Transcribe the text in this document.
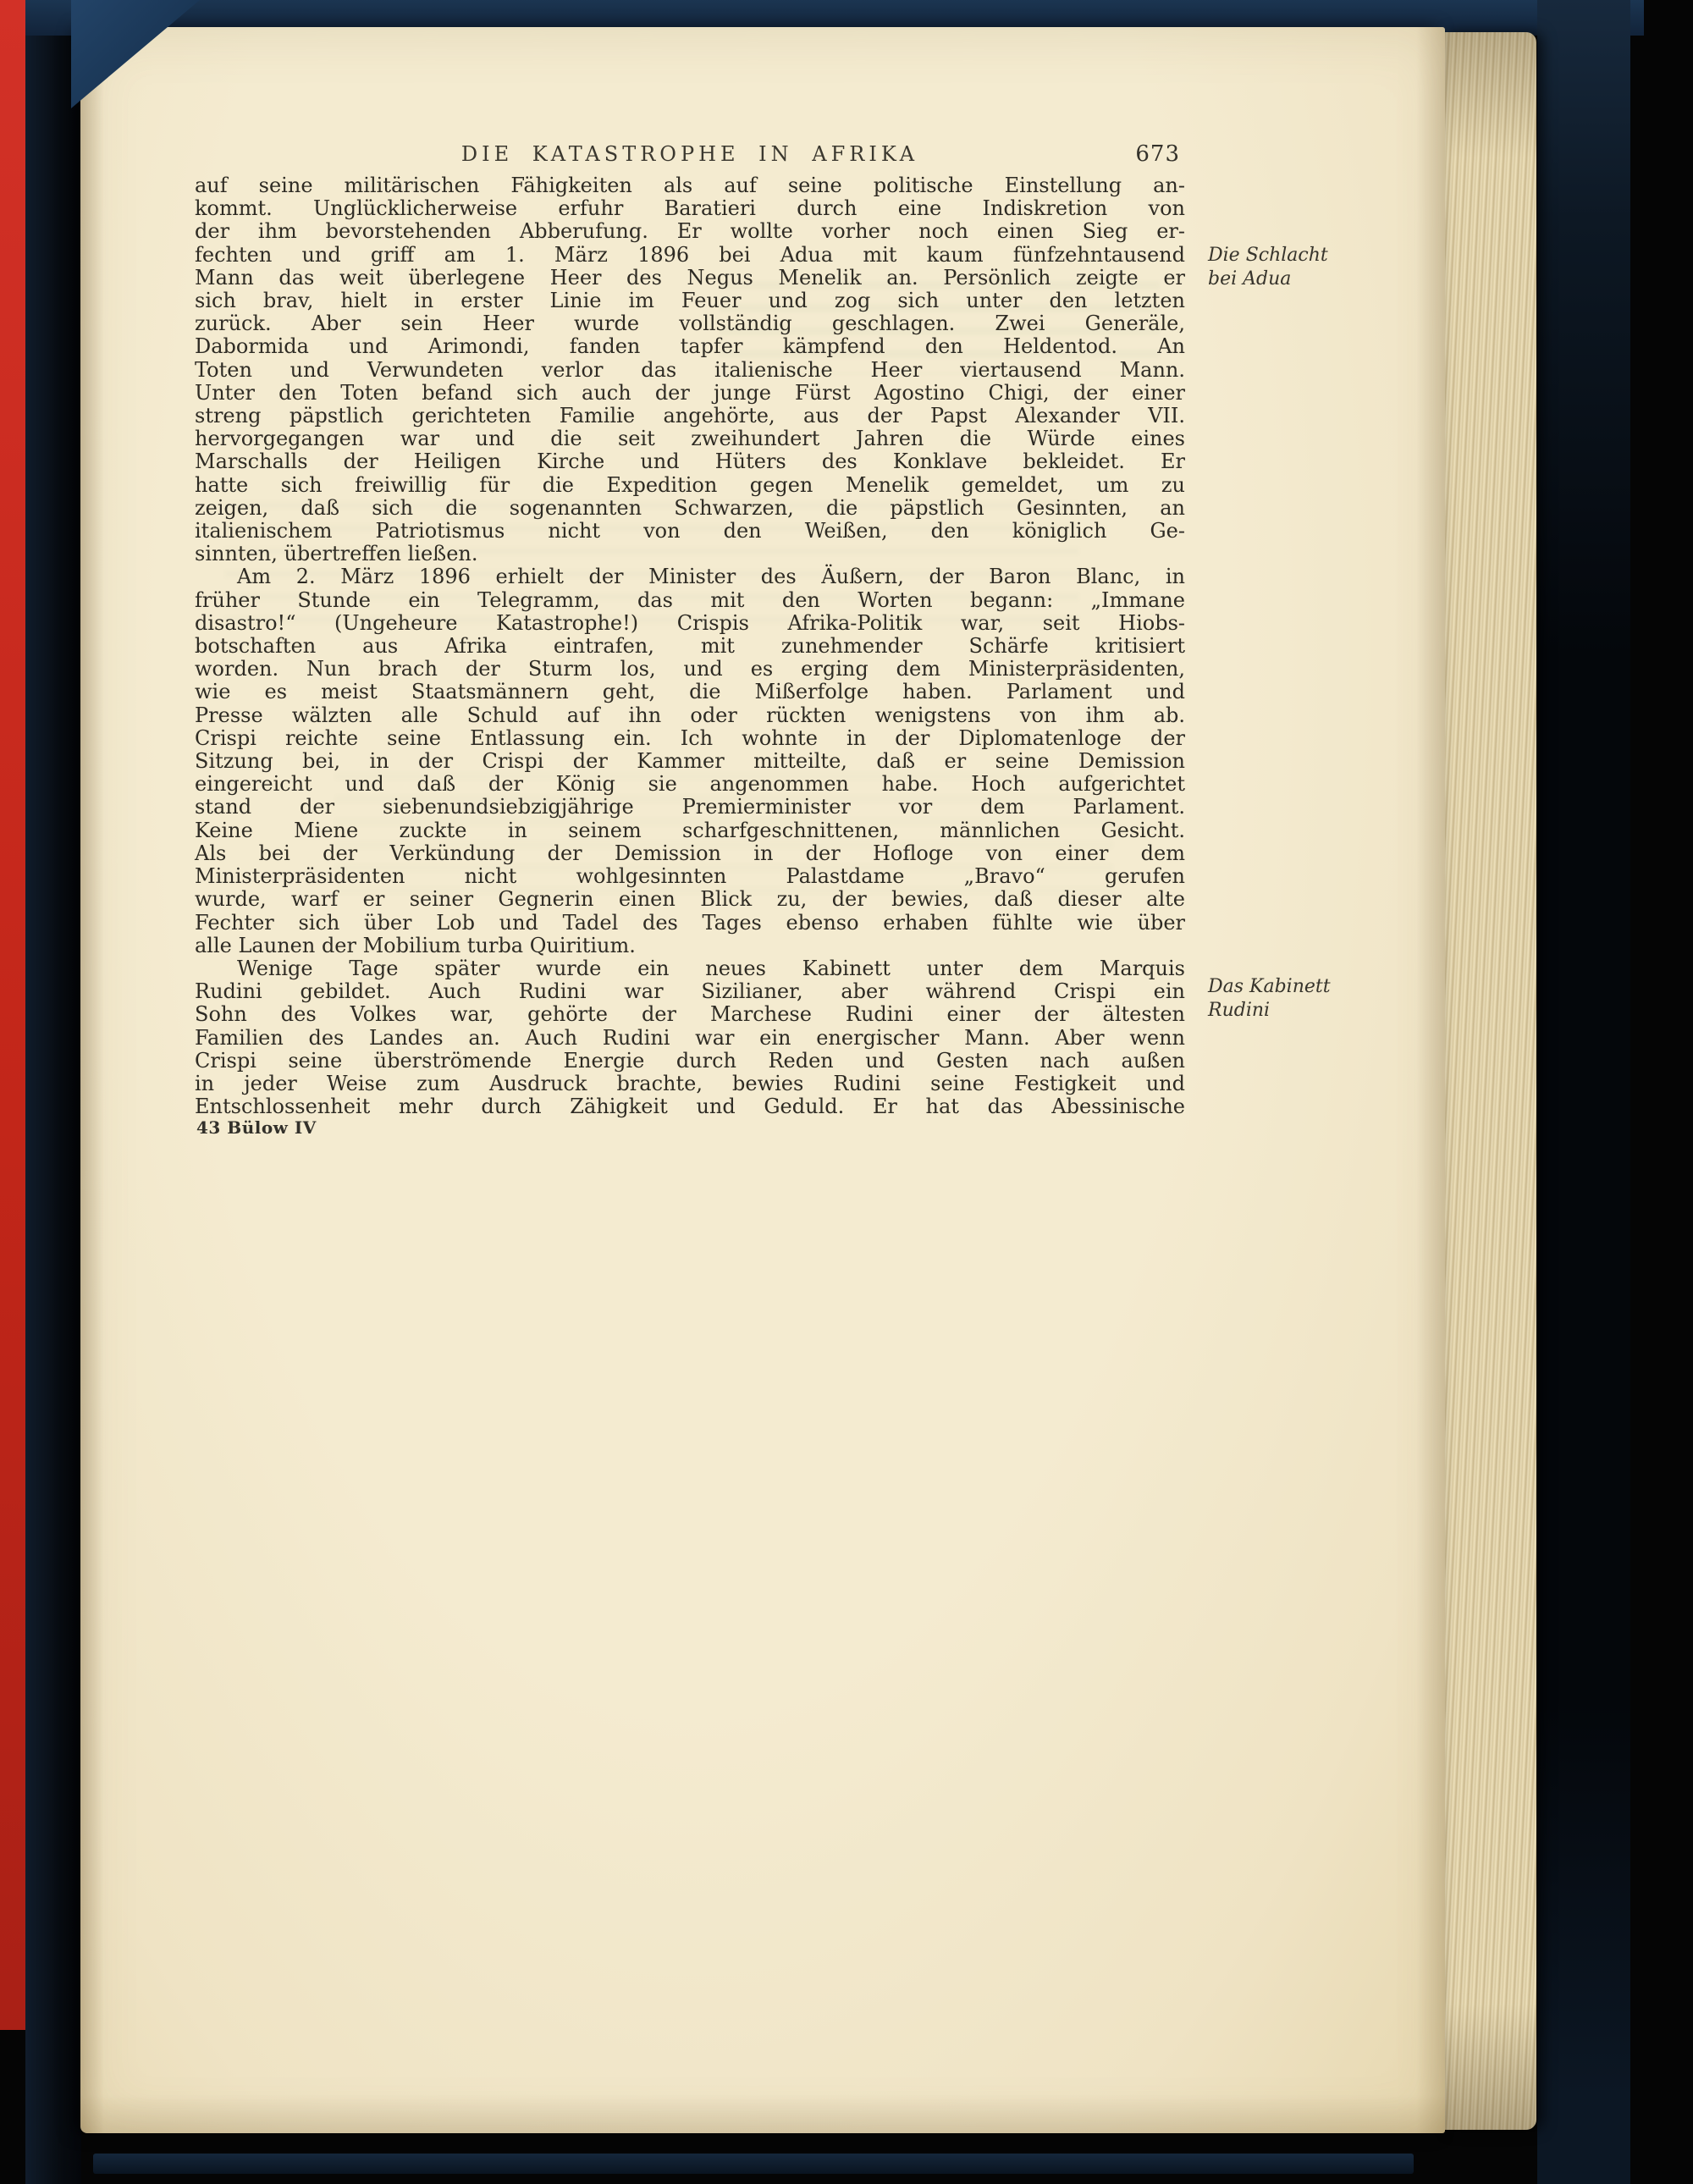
DIE KATASTROPHE IN AFRIKA	673
auf seine militärischen Fähigkeiten als auf seine politische Einstellung an-
kommt. Unglücklicherweise erfuhr Baratieri durch eine Indiskretion von
der ihm bevorstehenden Abberufung. Er wollte vorher noch einen Sieg er-
fechten und griff am 1. März 1896 bei Adua mit kaum fünfzehntausend
Mann das weit überlegene Heer des Negus Menelik an. Persönlich zeigte er
sich brav, hielt in erster Linie im Feuer und zog sich unter den letzten
zurück. Aber sein Heer wurde vollständig geschlagen. Zwei Generäle,
Dabormida und Arimondi, fanden tapfer kämpfend den Heldentod. An
Toten und Verwundeten verlor das italienische Heer viertausend Mann.
Unter den Toten befand sich auch der junge Fürst Agostino Chigi, der einer
streng päpstlich gerichteten Familie angehörte, aus der Papst Alexander VII.
hervorgegangen war und die seit zweihundert Jahren die Würde eines
Marschalls der Heiligen Kirche und Hüters des Konklave bekleidet. Er
hatte sich freiwillig für die Expedition gegen Menelik gemeldet, um zu
zeigen, daß sich die sogenannten Schwarzen, die päpstlich Gesinnten, an
italienischem Patriotismus nicht von den Weißen, den königlich Ge-
sinnten, übertreffen ließen.
Am 2. März 1896 erhielt der Minister des Äußern, der Baron Blanc, in
früher Stunde ein Telegramm, das mit den Worten begann: „Immane
disastro!“ (Ungeheure Katastrophe!) Crispis Afrika-Politik war, seit Hiobs-
botschaften aus Afrika eintrafen, mit zunehmender Schärfe kritisiert
worden. Nun brach der Sturm los, und es erging dem Ministerpräsidenten,
wie es meist Staatsmännern geht, die Mißerfolge haben. Parlament und
Presse wälzten alle Schuld auf ihn oder rückten wenigstens von ihm ab.
Crispi reichte seine Entlassung ein. Ich wohnte in der Diplomatenloge der
Sitzung bei, in der Crispi der Kammer mitteilte, daß er seine Demission
eingereicht und daß der König sie angenommen habe. Hoch aufgerichtet
stand der siebenundsiebzigjährige Premierminister vor dem Parlament.
Keine Miene zuckte in seinem scharfgeschnittenen, männlichen Gesicht.
Als bei der Verkündung der Demission in der Hofloge von einer dem
Ministerpräsidenten nicht wohlgesinnten Palastdame „Bravo“ gerufen
wurde, warf er seiner Gegnerin einen Blick zu, der bewies, daß dieser alte
Fechter sich über Lob und Tadel des Tages ebenso erhaben fühlte wie über
alle Launen der Mobilium turba Quiritium.
Wenige Tage später wurde ein neues Kabinett unter dem Marquis
Rudini gebildet. Auch Rudini war Sizilianer, aber während Crispi ein
Sohn des Volkes war, gehörte der Marchese Rudini einer der ältesten
Familien des Landes an. Auch Rudini war ein energischer Mann. Aber wenn
Crispi seine überströmende Energie durch Reden und Gesten nach außen
in jeder Weise zum Ausdruck brachte, bewies Rudini seine Festigkeit und
Entschlossenheit mehr durch Zähigkeit und Geduld. Er hat das Abessinische
Die Schlacht
bei Adua
Das Kabinett
Rudini
43 Bülow IV
